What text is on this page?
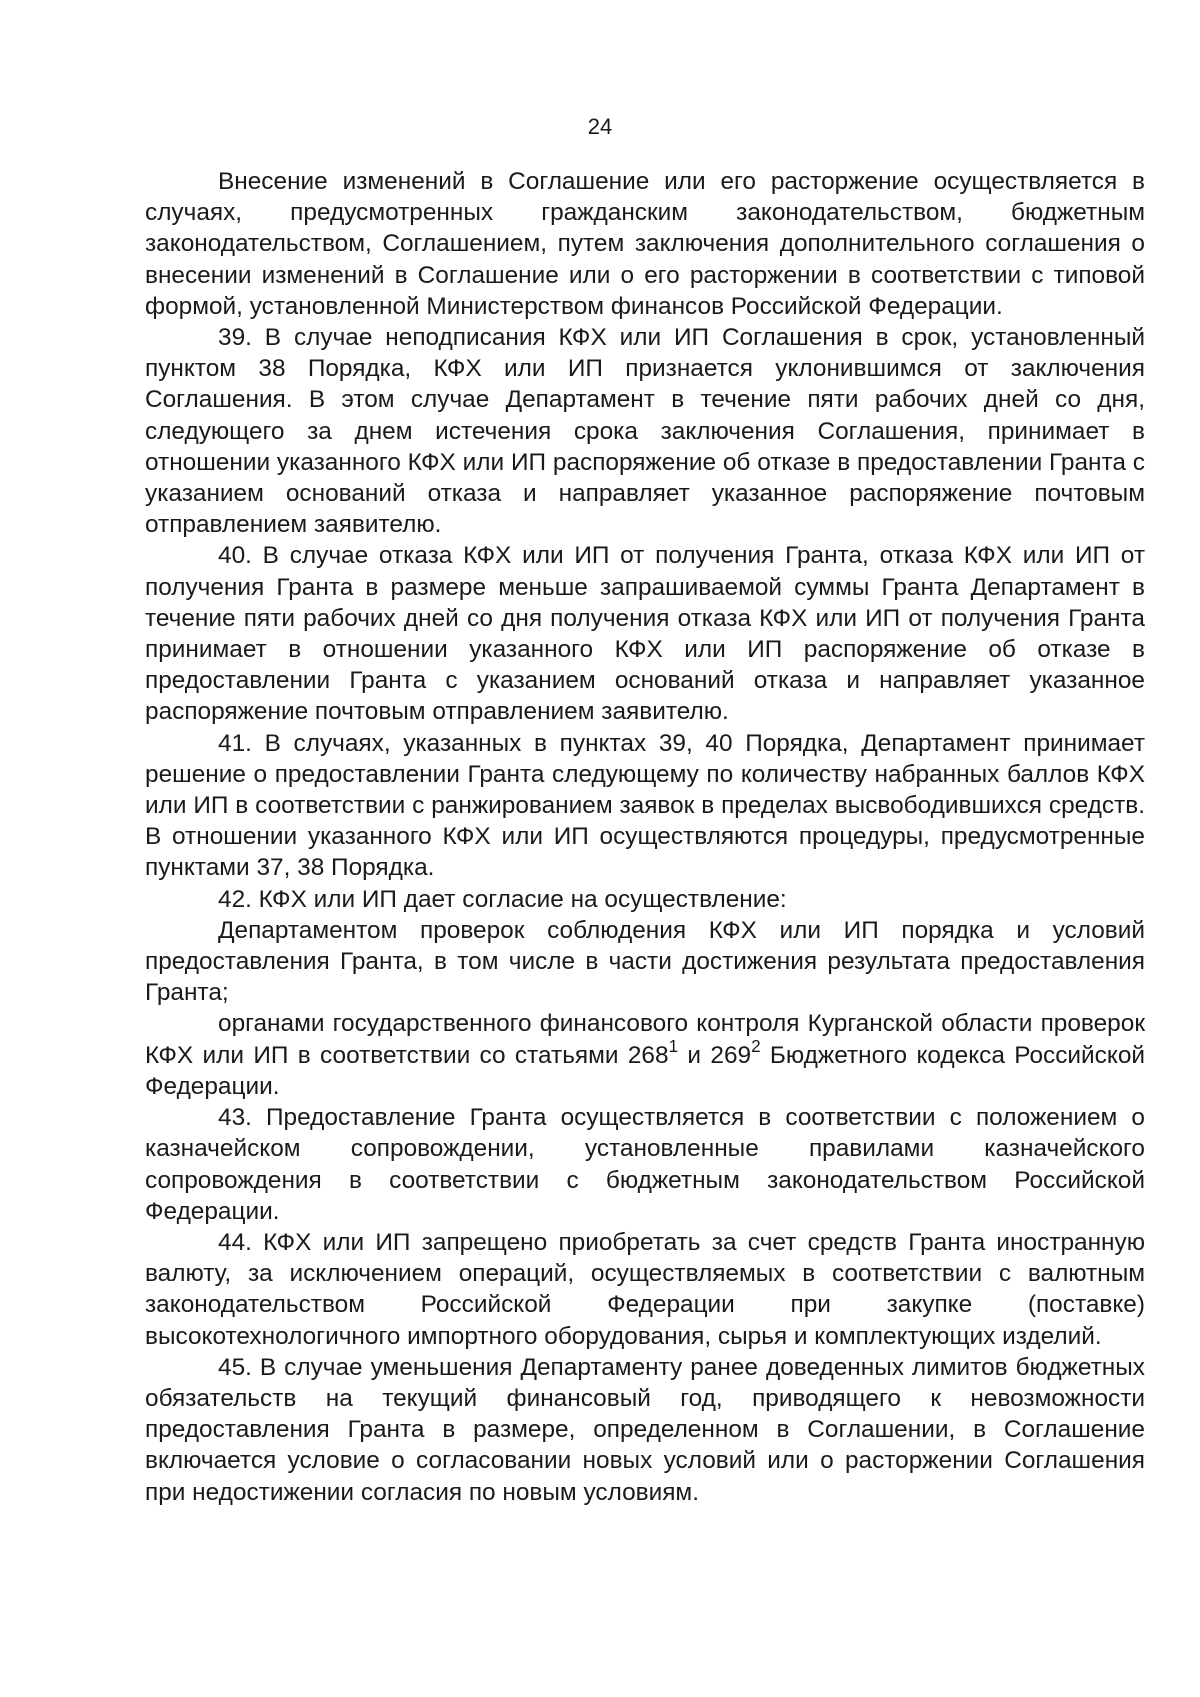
24

Внесение изменений в Соглашение или его расторжение осуществляется в случаях, предусмотренных гражданским законодательством, бюджетным законодательством, Соглашением, путем заключения дополнительного соглашения о внесении изменений в Соглашение или о его расторжении в соответствии с типовой формой, установленной Министерством финансов Российской Федерации.

39. В случае неподписания КФХ или ИП Соглашения в срок, установленный пунктом 38 Порядка, КФХ или ИП признается уклонившимся от заключения Соглашения. В этом случае Департамент в течение пяти рабочих дней со дня, следующего за днем истечения срока заключения Соглашения, принимает в отношении указанного КФХ или ИП распоряжение об отказе в предоставлении Гранта с указанием оснований отказа и направляет указанное распоряжение почтовым отправлением заявителю.

40. В случае отказа КФХ или ИП от получения Гранта, отказа КФХ или ИП от получения Гранта в размере меньше запрашиваемой суммы Гранта Департамент в течение пяти рабочих дней со дня получения отказа КФХ или ИП от получения Гранта принимает в отношении указанного КФХ или ИП распоряжение об отказе в предоставлении Гранта с указанием оснований отказа и направляет указанное распоряжение почтовым отправлением заявителю.

41. В случаях, указанных в пунктах 39, 40 Порядка, Департамент принимает решение о предоставлении Гранта следующему по количеству набранных баллов КФХ или ИП в соответствии с ранжированием заявок в пределах высвободившихся средств. В отношении указанного КФХ или ИП осуществляются процедуры, предусмотренные пунктами 37, 38 Порядка.

42. КФХ или ИП дает согласие на осуществление:

Департаментом проверок соблюдения КФХ или ИП порядка и условий предоставления Гранта, в том числе в части достижения результата предоставления Гранта;

органами государственного финансового контроля Курганской области проверок КФХ или ИП в соответствии со статьями $268^1$ и $269^2$ Бюджетного кодекса Российской Федерации.

43. Предоставление Гранта осуществляется в соответствии с положением о казначейском сопровождении, установленные правилами казначейского сопровождения в соответствии с бюджетным законодательством Российской Федерации.

44. КФХ или ИП запрещено приобретать за счет средств Гранта иностранную валюту, за исключением операций, осуществляемых в соответствии с валютным законодательством Российской Федерации при закупке (поставке) высокотехнологичного импортного оборудования, сырья и комплектующих изделий.

45. В случае уменьшения Департаменту ранее доведенных лимитов бюджетных обязательств на текущий финансовый год, приводящего к невозможности предоставления Гранта в размере, определенном в Соглашении, в Соглашение включается условие о согласовании новых условий или о расторжении Соглашения при недостижении согласия по новым условиям.
